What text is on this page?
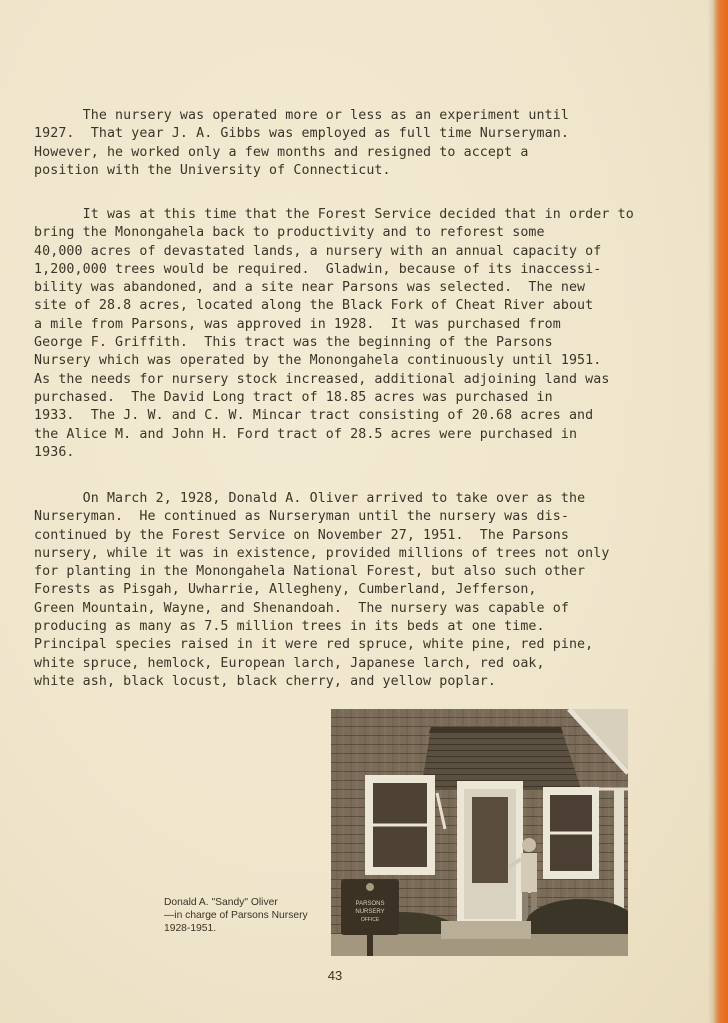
The nursery was operated more or less as an experiment until
1927.  That year J. A. Gibbs was employed as full time Nurseryman.
However, he worked only a few months and resigned to accept a
position with the University of Connecticut.

It was at this time that the Forest Service decided that in order to
bring the Monongahela back to productivity and to reforest some
40,000 acres of devastated lands, a nursery with an annual capacity of
1,200,000 trees would be required.  Gladwin, because of its inaccessi-
bility was abandoned, and a site near Parsons was selected.  The new
site of 28.8 acres, located along the Black Fork of Cheat River about
a mile from Parsons, was approved in 1928.  It was purchased from
George F. Griffith.  This tract was the beginning of the Parsons
Nursery which was operated by the Monongahela continuously until 1951.
As the needs for nursery stock increased, additional adjoining land was
purchased.  The David Long tract of 18.85 acres was purchased in
1933.  The J. W. and C. W. Mincar tract consisting of 20.68 acres and
the Alice M. and John H. Ford tract of 28.5 acres were purchased in
1936.

On March 2, 1928, Donald A. Oliver arrived to take over as the
Nurseryman.  He continued as Nurseryman until the nursery was dis-
continued by the Forest Service on November 27, 1951.  The Parsons
nursery, while it was in existence, provided millions of trees not only
for planting in the Monongahela National Forest, but also such other
Forests as Pisgah, Uwharrie, Allegheny, Cumberland, Jefferson,
Green Mountain, Wayne, and Shenandoah.  The nursery was capable of
producing as many as 7.5 million trees in its beds at one time.
Principal species raised in it were red spruce, white pine, red pine,
white spruce, hemlock, European larch, Japanese larch, red oak,
white ash, black locust, black cherry, and yellow poplar.

PARSONS
NURSERY
OFFICE
Donald A. "Sandy" Oliver
—in charge of Parsons Nursery
1928-1951.
43
